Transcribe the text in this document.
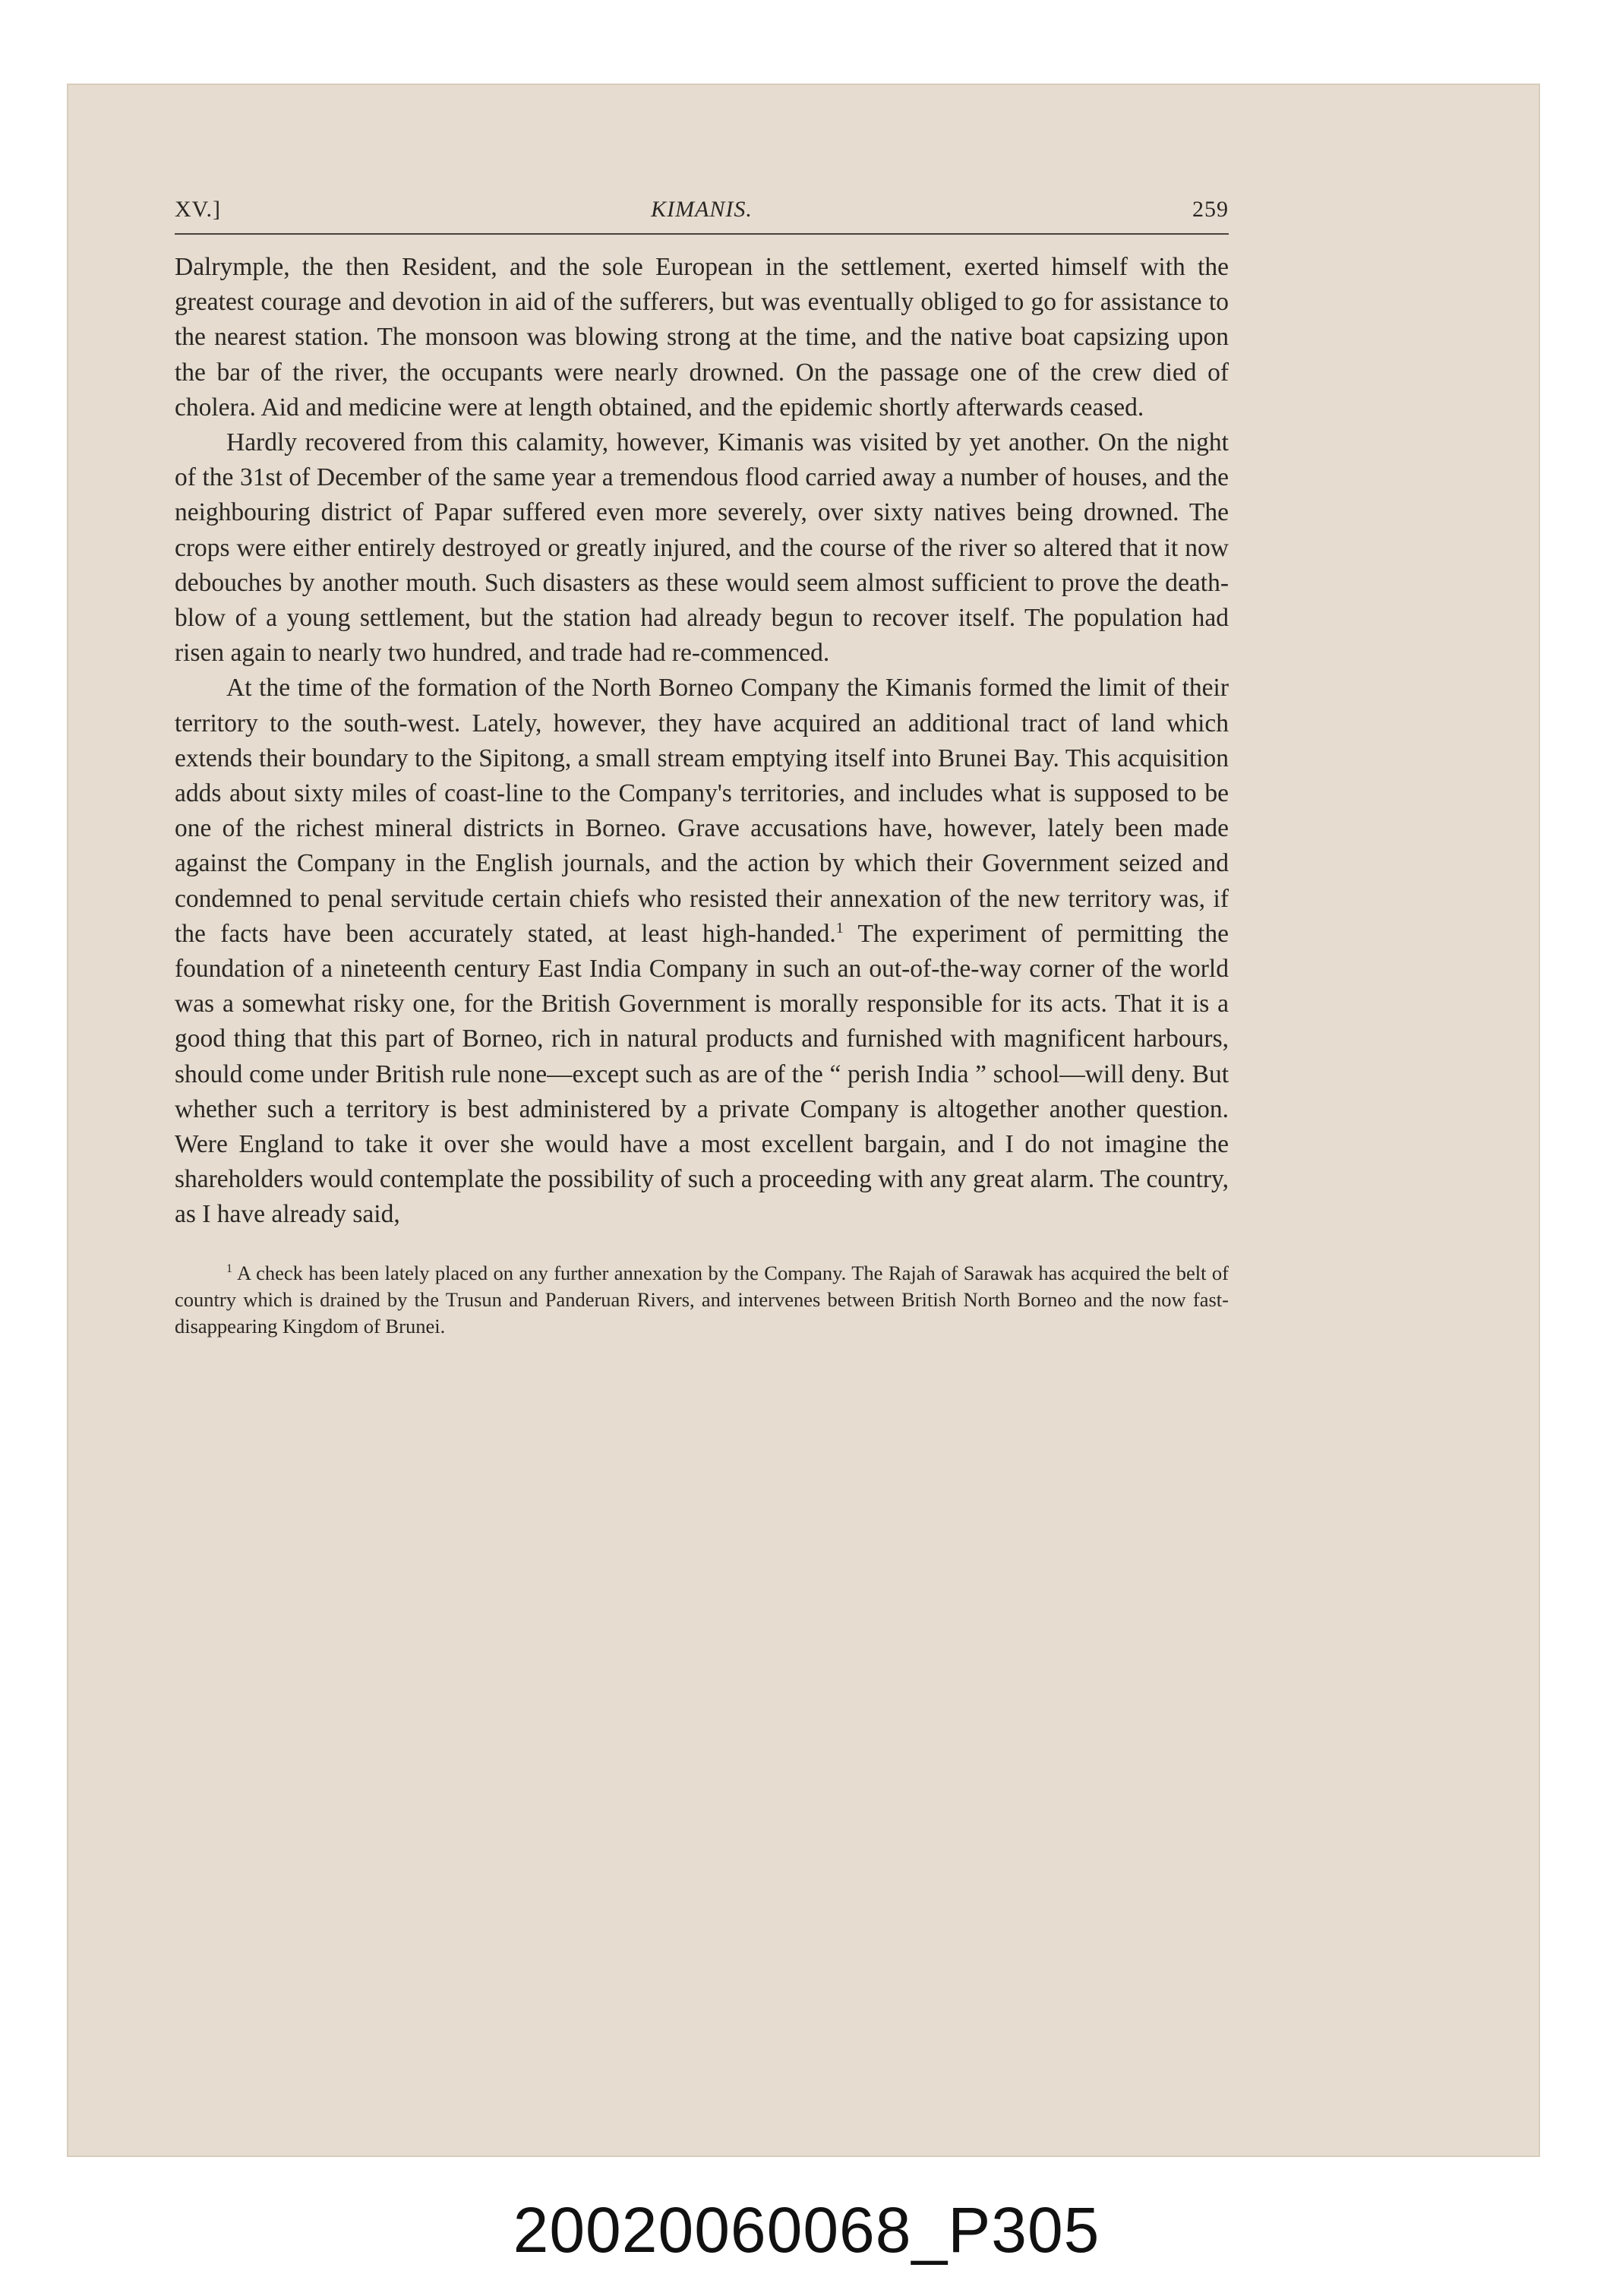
XV.]	KIMANIS.	259

Dalrymple, the then Resident, and the sole European in the settlement, exerted himself with the greatest courage and devotion in aid of the sufferers, but was eventually obliged to go for assistance to the nearest station. The monsoon was blowing strong at the time, and the native boat capsizing upon the bar of the river, the occupants were nearly drowned. On the passage one of the crew died of cholera. Aid and medicine were at length obtained, and the epidemic shortly afterwards ceased.

Hardly recovered from this calamity, however, Kimanis was visited by yet another. On the night of the 31st of December of the same year a tremendous flood carried away a number of houses, and the neighbouring district of Papar suffered even more severely, over sixty natives being drowned. The crops were either entirely destroyed or greatly injured, and the course of the river so altered that it now debouches by another mouth. Such disasters as these would seem almost sufficient to prove the death-blow of a young settlement, but the station had already begun to recover itself. The population had risen again to nearly two hundred, and trade had re-commenced.

At the time of the formation of the North Borneo Company the Kimanis formed the limit of their territory to the south-west. Lately, however, they have acquired an additional tract of land which extends their boundary to the Sipitong, a small stream emptying itself into Brunei Bay. This acquisition adds about sixty miles of coast-line to the Company's territories, and includes what is supposed to be one of the richest mineral districts in Borneo. Grave accusations have, however, lately been made against the Company in the English journals, and the action by which their Government seized and condemned to penal servitude certain chiefs who resisted their annexation of the new territory was, if the facts have been accurately stated, at least high-handed.$^1$ The experiment of permitting the foundation of a nineteenth century East India Company in such an out-of-the-way corner of the world was a somewhat risky one, for the British Government is morally responsible for its acts. That it is a good thing that this part of Borneo, rich in natural products and furnished with magnificent harbours, should come under British rule none—except such as are of the “ perish India ” school—will deny. But whether such a territory is best administered by a private Company is altogether another question. Were England to take it over she would have a most excellent bargain, and I do not imagine the shareholders would contemplate the possibility of such a proceeding with any great alarm. The country, as I have already said,

$^1$ A check has been lately placed on any further annexation by the Company. The Rajah of Sarawak has acquired the belt of country which is drained by the Trusun and Panderuan Rivers, and intervenes between British North Borneo and the now fast-disappearing Kingdom of Brunei.

20020060068_P305
